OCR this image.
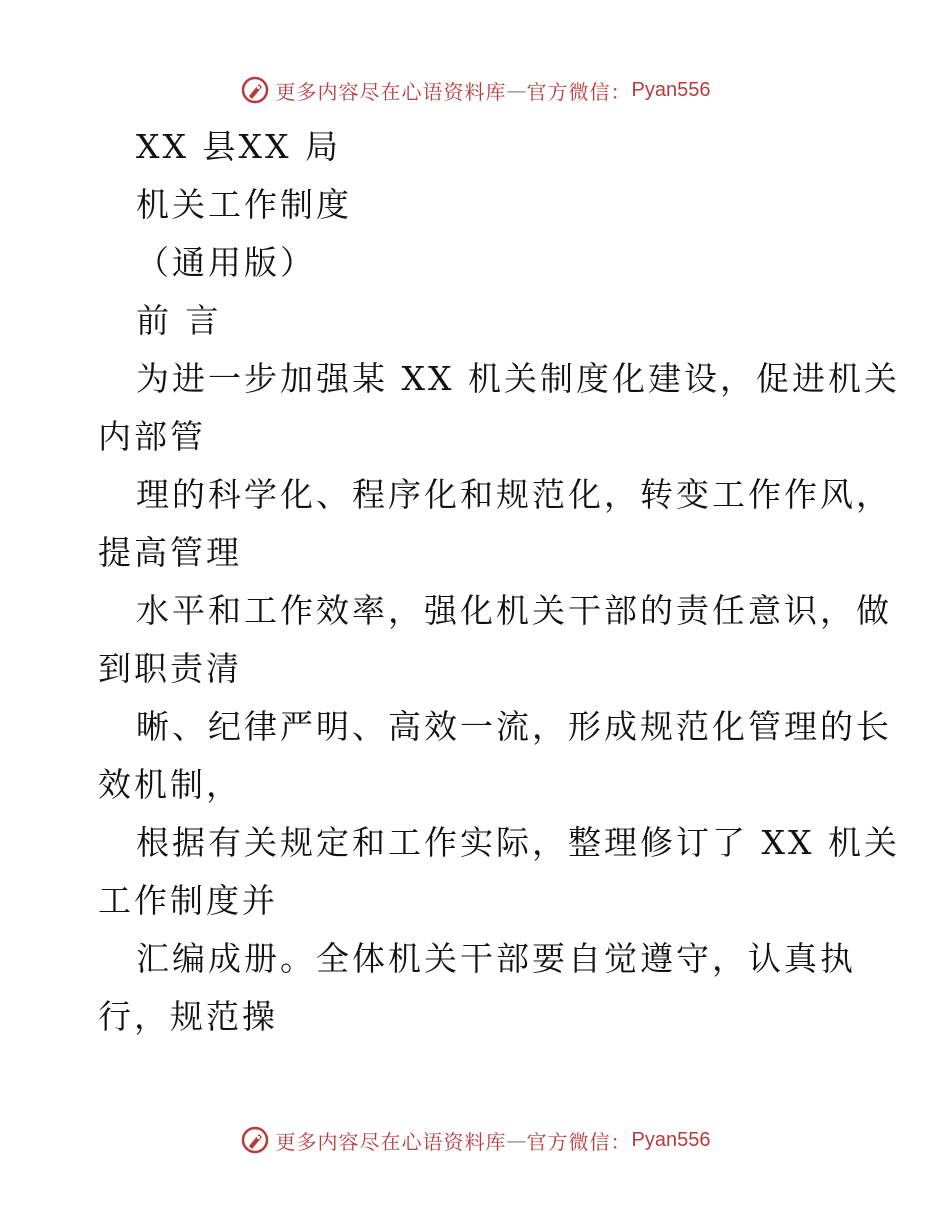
更多内容尽在心语资料库 — 官方微信： Pyan556
XX 县XX 局
机关工作制度
（通用版）
前 言
为进一步加强某 XX 机关制度化建设，促进机关
内部管
理的科学化、程序化和规范化，转变工作作风，
提高管理
水平和工作效率，强化机关干部的责任意识，做
到职责清
晰、纪律严明、高效一流，形成规范化管理的长
效机制，
根据有关规定和工作实际，整理修订了 XX 机关
工作制度并
汇编成册。全体机关干部要自觉遵守，认真执
行，规范操
更多内容尽在心语资料库 — 官方微信： Pyan556
